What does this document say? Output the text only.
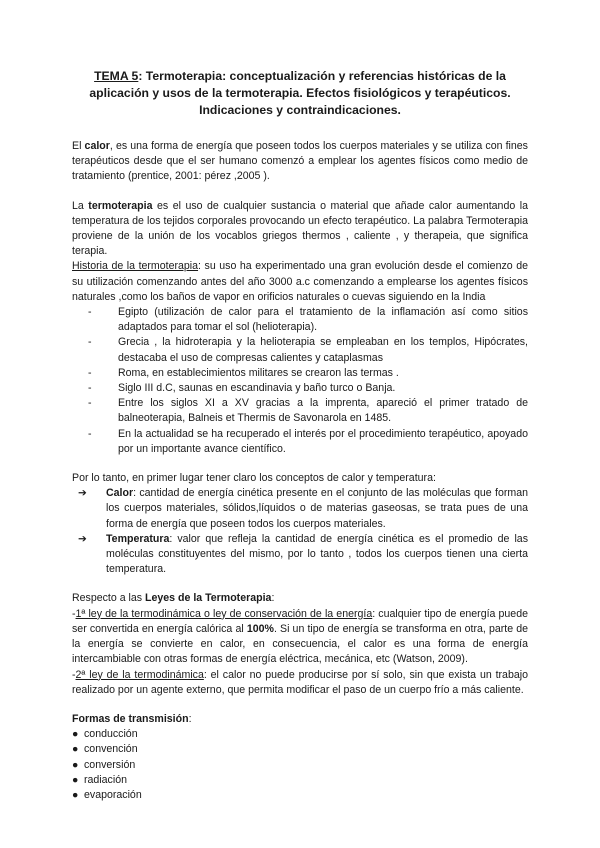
TEMA 5: Termoterapia: conceptualización y referencias históricas de la aplicación y usos de la termoterapia. Efectos fisiológicos y terapéuticos. Indicaciones y contraindicaciones.

El calor, es una forma de energía que poseen todos los cuerpos materiales y se utiliza con fines terapéuticos desde que el ser humano comenzó a emplear los agentes físicos como medio de tratamiento (prentice, 2001: pérez ,2005 ).

La termoterapia es el uso de cualquier sustancia o material que añade calor aumentando la temperatura de los tejidos corporales provocando un efecto terapéutico. La palabra Termoterapia proviene de la unión de los vocablos griegos thermos , caliente , y therapeia, que significa terapia.

Historia de la termoterapia: su uso ha experimentado una gran evolución desde el comienzo de su utilización comenzando antes del año 3000 a.c comenzando a emplearse los agentes físicos naturales ,como los baños de vapor en orificios naturales o cuevas siguiendo en la India

- Egipto (utilización de calor para el tratamiento de la inflamación así como sitios adaptados para tomar el sol (helioterapia).
- Grecia , la hidroterapia y la helioterapia se empleaban en los templos, Hipócrates, destacaba el uso de compresas calientes y cataplasmas
- Roma, en establecimientos militares se crearon las termas .
- Siglo III d.C, saunas en escandinavia y baño turco o Banja.
- Entre los siglos XI a XV gracias a la imprenta, apareció el primer tratado de balneoterapia, Balneis et Thermis de Savonarola en 1485.
- En la actualidad se ha recuperado el interés por el procedimiento terapéutico, apoyado por un importante avance científico.

Por lo tanto, en primer lugar tener claro los conceptos de calor y temperatura:

➔ Calor: cantidad de energía cinética presente en el conjunto de las moléculas que forman los cuerpos materiales, sólidos,líquidos o de materias gaseosas, se trata pues de una forma de energía que poseen todos los cuerpos materiales.
➔ Temperatura: valor que refleja la cantidad de energía cinética es el promedio de las moléculas constituyentes del mismo, por lo tanto , todos los cuerpos tienen una cierta temperatura.

Respecto a las Leyes de la Termoterapia:

-1ª ley de la termodinámica o ley de conservación de la energía: cualquier tipo de energía puede ser convertida en energía calórica al 100%. Si un tipo de energía se transforma en otra, parte de la energía se convierte en calor, en consecuencia, el calor es una forma de energía intercambiable con otras formas de energía eléctrica, mecánica, etc (Watson, 2009).

-2ª ley de la termodinámica: el calor no puede producirse por sí solo, sin que exista un trabajo realizado por un agente externo, que permita modificar el paso de un cuerpo frío a más caliente.

Formas de transmisión:

● conducción
● convención
● conversión
● radiación
● evaporación
